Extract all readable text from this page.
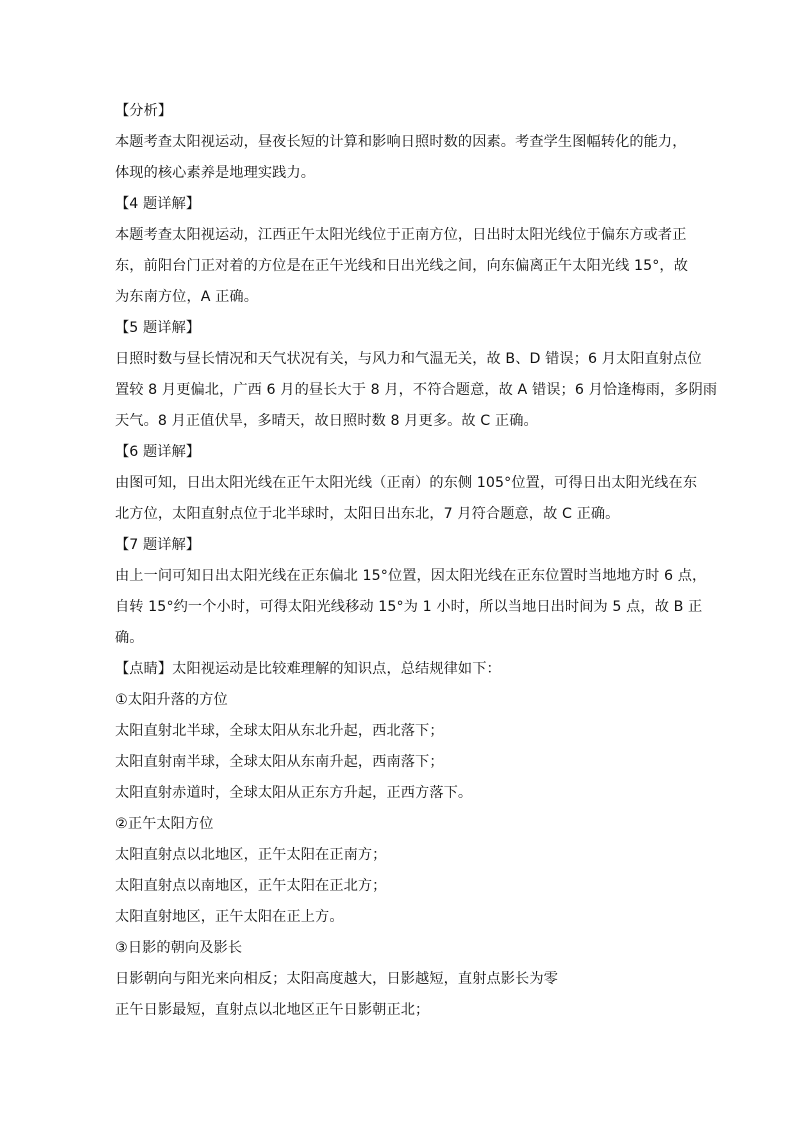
【分析】
本题考查太阳视运动，昼夜长短的计算和影响日照时数的因素。考查学生图幅转化的能力，
体现的核心素养是地理实践力。
【4 题详解】
本题考查太阳视运动，江西正午太阳光线位于正南方位，日出时太阳光线位于偏东方或者正
东，前阳台门正对着的方位是在正午光线和日出光线之间，向东偏离正午太阳光线 15°，故
为东南方位，A 正确。
【5 题详解】
日照时数与昼长情况和天气状况有关，与风力和气温无关，故 B、D 错误；6 月太阳直射点位
置较 8 月更偏北，广西 6 月的昼长大于 8 月，不符合题意，故 A 错误；6 月恰逢梅雨，多阴雨
天气。8 月正值伏旱，多晴天，故日照时数 8 月更多。故 C 正确。
【6 题详解】
由图可知，日出太阳光线在正午太阳光线（正南）的东侧 105°位置，可得日出太阳光线在东
北方位，太阳直射点位于北半球时，太阳日出东北，7 月符合题意，故 C 正确。
【7 题详解】
由上一问可知日出太阳光线在正东偏北 15°位置，因太阳光线在正东位置时当地地方时 6 点，
自转 15°约一个小时，可得太阳光线移动 15°为 1 小时，所以当地日出时间为 5 点，故 B 正
确。
【点睛】太阳视运动是比较难理解的知识点，总结规律如下：
①太阳升落的方位
太阳直射北半球，全球太阳从东北升起，西北落下；
太阳直射南半球，全球太阳从东南升起，西南落下；
太阳直射赤道时，全球太阳从正东方升起，正西方落下。
②正午太阳方位
太阳直射点以北地区，正午太阳在正南方；
太阳直射点以南地区，正午太阳在正北方；
太阳直射地区，正午太阳在正上方。
③日影的朝向及影长
日影朝向与阳光来向相反；太阳高度越大，日影越短，直射点影长为零
正午日影最短，直射点以北地区正午日影朝正北；
